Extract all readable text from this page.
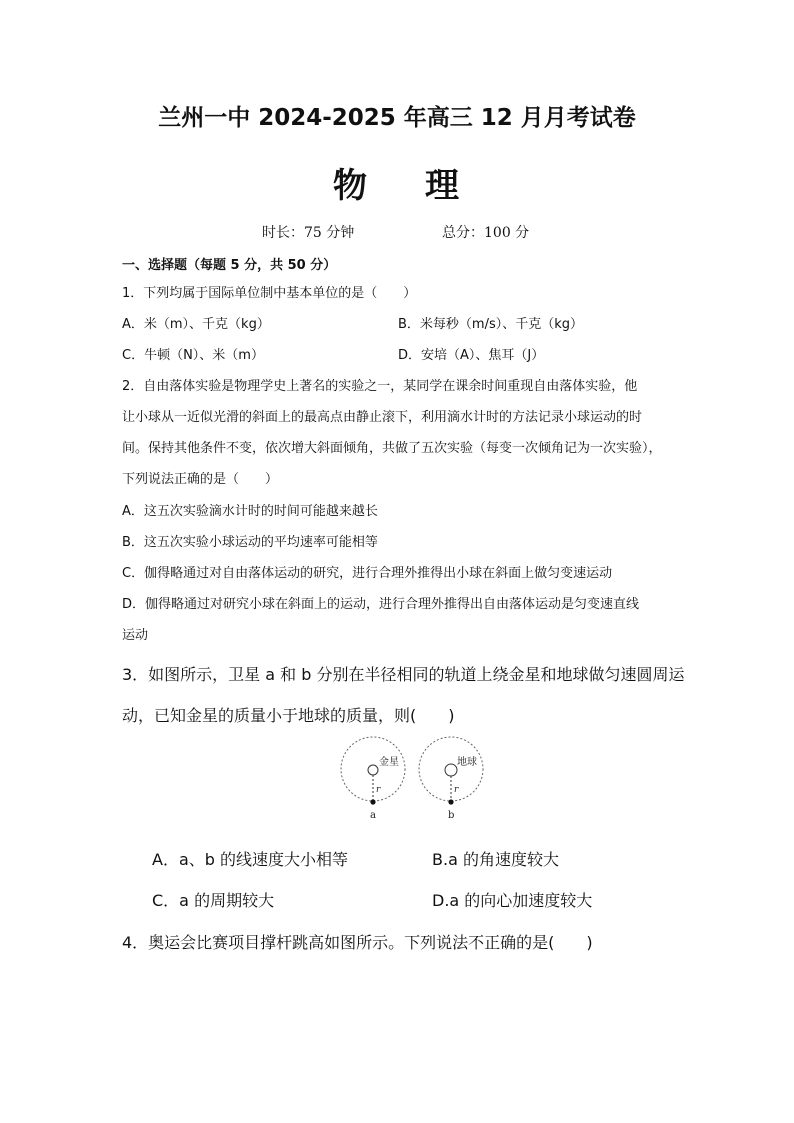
兰州一中 2024-2025 年高三 12 月月考试卷
物 理
时长：75 分钟	总分：100 分
一、选择题（每题 5 分，共 50 分）
1．下列均属于国际单位制中基本单位的是（　　）
A．米（m）、千克（kg）	B．米每秒（m/s）、千克（kg）
C．牛顿（N）、米（m）	D．安培（A）、焦耳（J）
2．自由落体实验是物理学史上著名的实验之一，某同学在课余时间重现自由落体实验，他
让小球从一近似光滑的斜面上的最高点由静止滚下，利用滴水计时的方法记录小球运动的时
间。保持其他条件不变，依次增大斜面倾角，共做了五次实验（每变一次倾角记为一次实验），
下列说法正确的是（　　）
A．这五次实验滴水计时的时间可能越来越长
B．这五次实验小球运动的平均速率可能相等
C．伽得略通过对自由落体运动的研究，进行合理外推得出小球在斜面上做匀变速运动
D．伽得略通过对研究小球在斜面上的运动，进行合理外推得出自由落体运动是匀变速直线
运动
3．如图所示，卫星 a 和 b 分别在半径相同的轨道上绕金星和地球做匀速圆周运
动，已知金星的质量小于地球的质量，则(　　)
金星
r
a
地球
r
b
A．a、b 的线速度大小相等	B.a 的角速度较大
C．a 的周期较大	D.a 的向心加速度较大
4．奥运会比赛项目撑杆跳高如图所示。下列说法不正确的是(　　)
